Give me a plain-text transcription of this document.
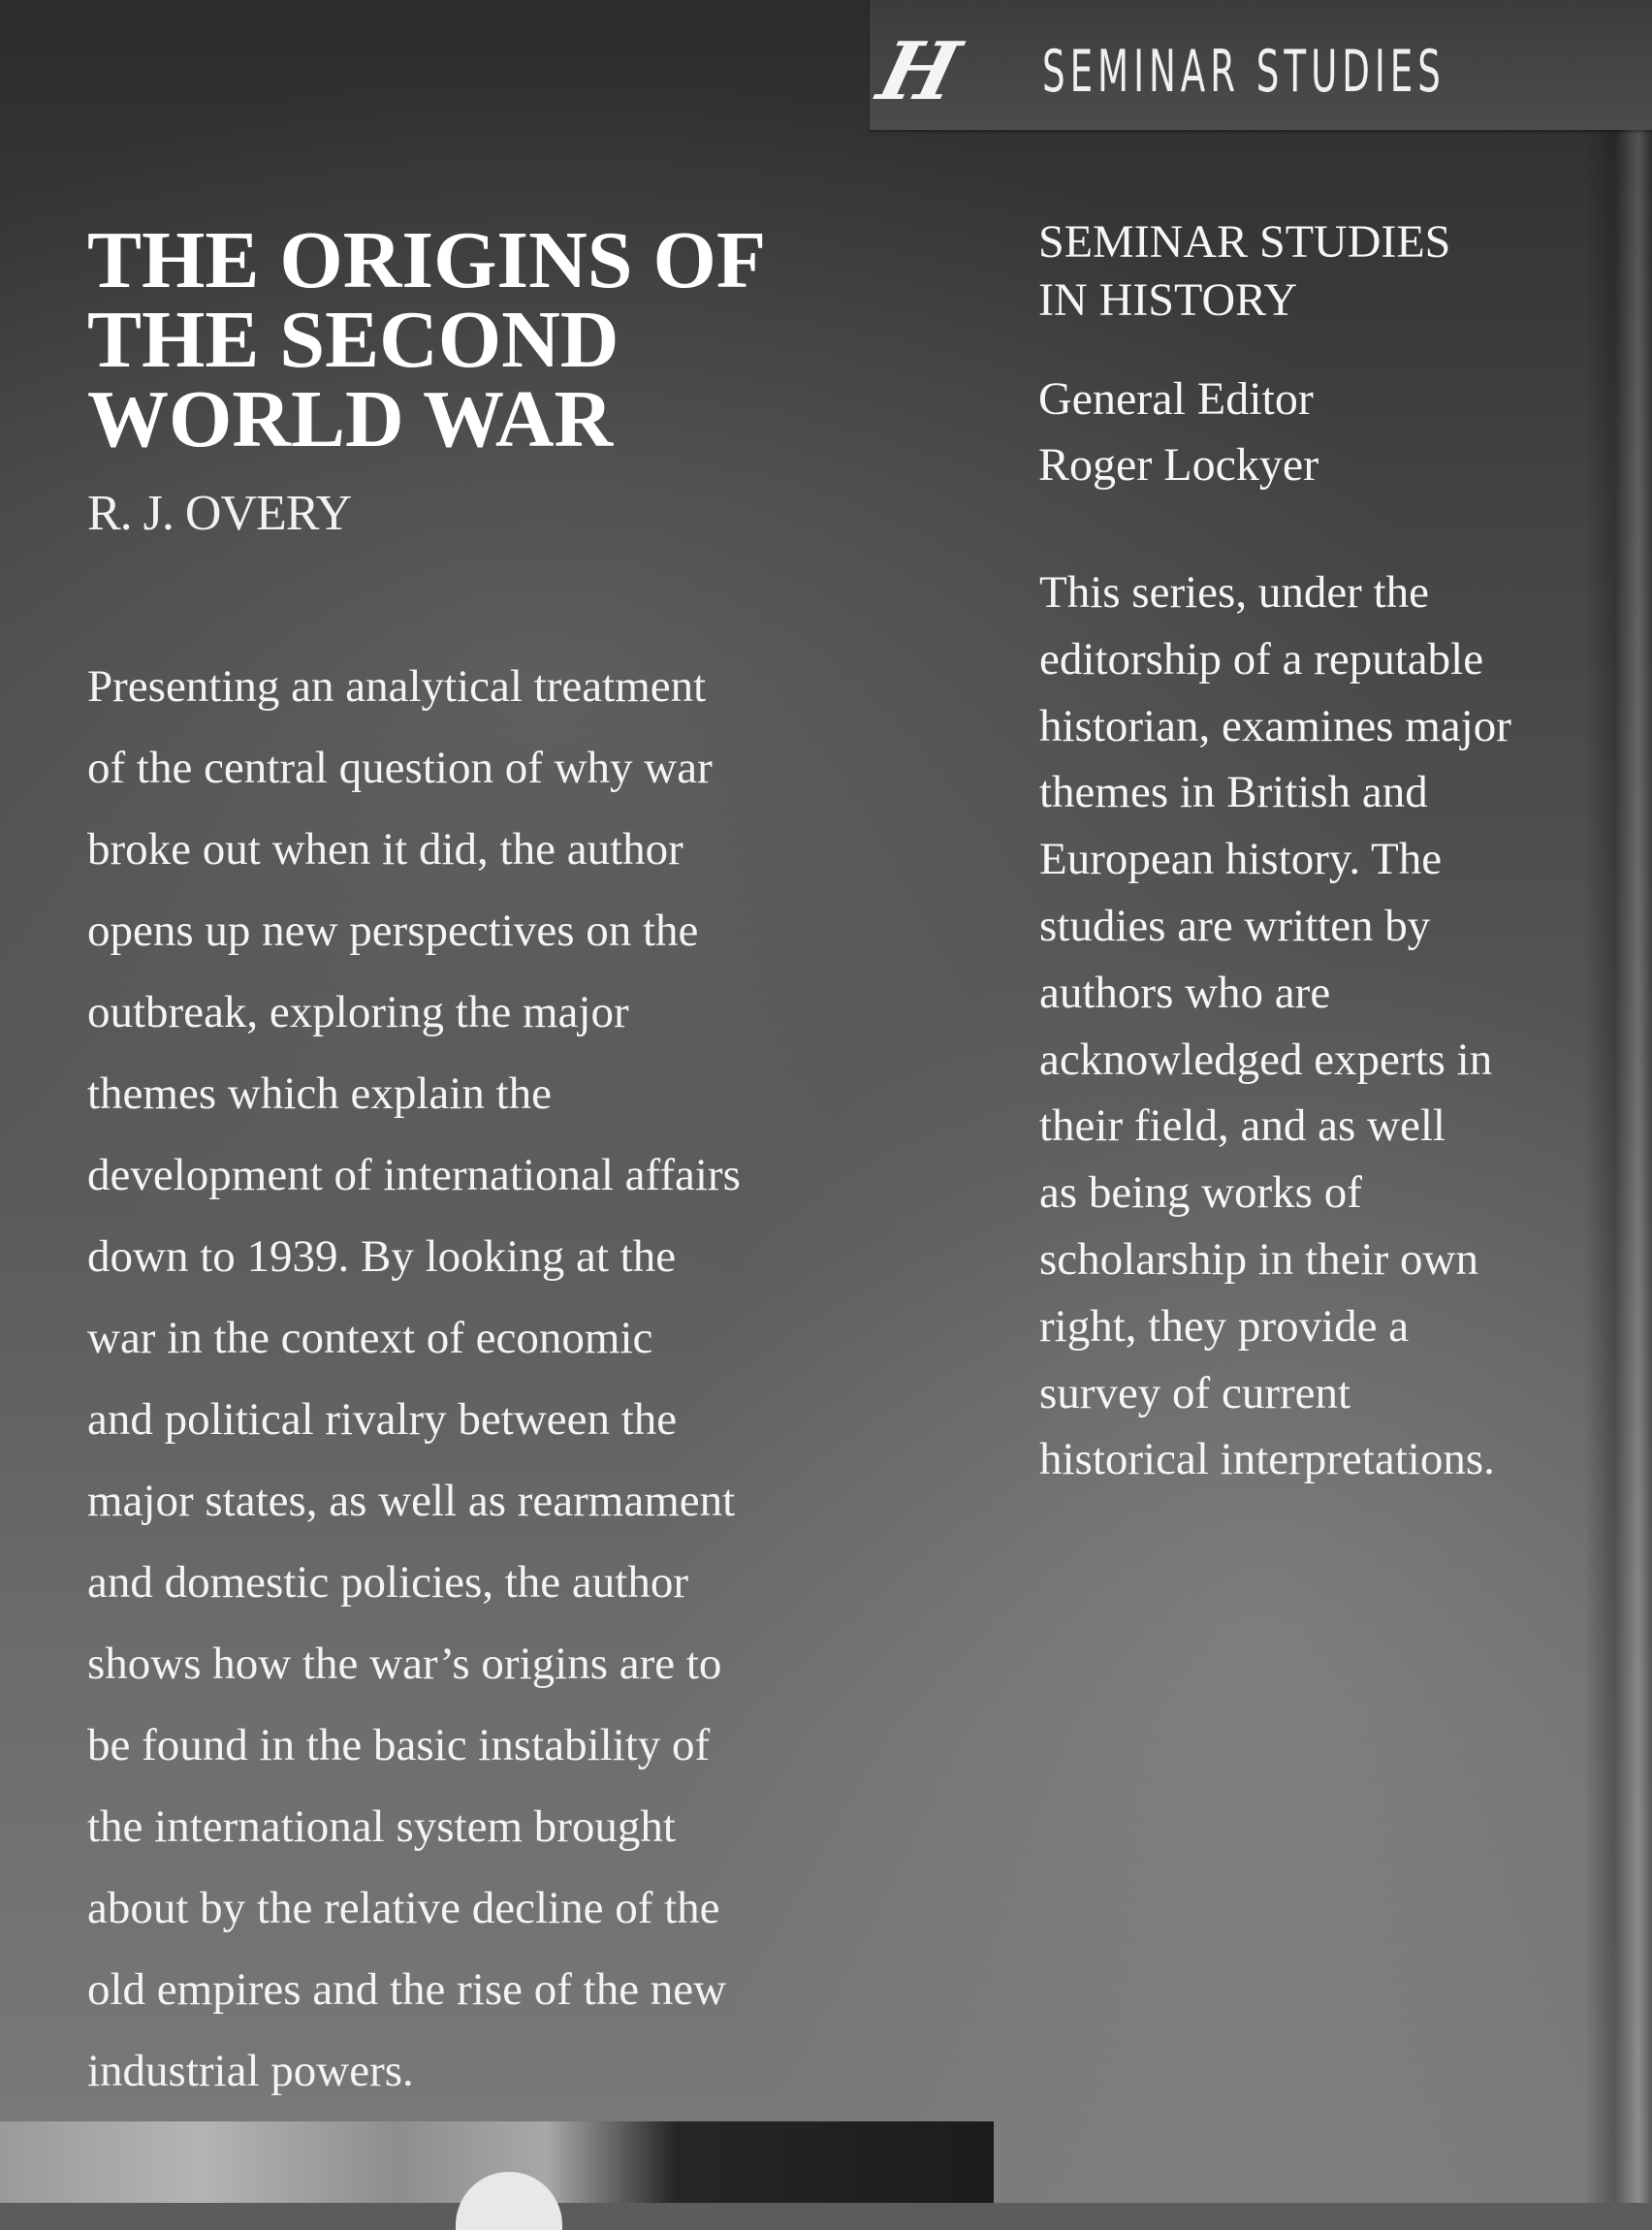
H SEMINAR STUDIES
THE ORIGINS OF
THE SECOND
WORLD WAR

R. J. OVERY

Presenting an analytical treatment
of the central question of why war
broke out when it did, the author
opens up new perspectives on the
outbreak, exploring the major
themes which explain the
development of international affairs
down to 1939. By looking at the
war in the context of economic
and political rivalry between the
major states, as well as rearmament
and domestic policies, the author
shows how the war’s origins are to
be found in the basic instability of
the international system brought
about by the relative decline of the
old empires and the rise of the new
industrial powers.

SEMINAR STUDIES
IN HISTORY

General Editor
Roger Lockyer

This series, under the
editorship of a reputable
historian, examines major
themes in British and
European history. The
studies are written by
authors who are
acknowledged experts in
their field, and as well
as being works of
scholarship in their own
right, they provide a
survey of current
historical interpretations.
